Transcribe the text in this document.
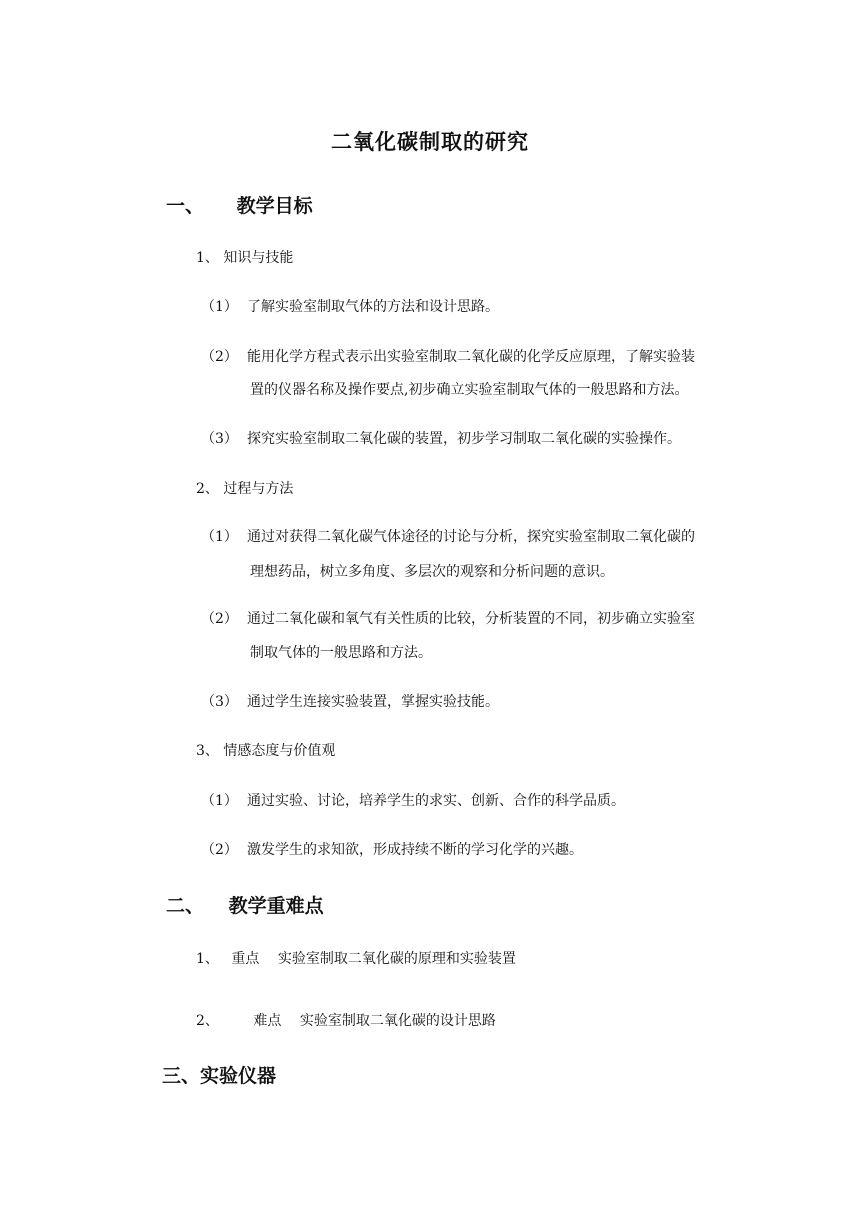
二氧化碳制取的研究
一、 教学目标
1、 知识与技能
（1） 了解实验室制取气体的方法和设计思路。
（2） 能用化学方程式表示出实验室制取二氧化碳的化学反应原理，了解实验装
置的仪器名称及操作要点,初步确立实验室制取气体的一般思路和方法。
（3） 探究实验室制取二氧化碳的装置，初步学习制取二氧化碳的实验操作。
2、 过程与方法
（1） 通过对获得二氧化碳气体途径的讨论与分析，探究实验室制取二氧化碳的
理想药品，树立多角度、多层次的观察和分析问题的意识。
（2） 通过二氧化碳和氧气有关性质的比较，分析装置的不同，初步确立实验室
制取气体的一般思路和方法。
（3） 通过学生连接实验装置，掌握实验技能。
3、 情感态度与价值观
（1） 通过实验、讨论，培养学生的求实、创新、合作的科学品质。
（2） 激发学生的求知欲，形成持续不断的学习化学的兴趣。
二、 教学重难点
1、 重点 实验室制取二氧化碳的原理和实验装置
2、 难点 实验室制取二氧化碳的设计思路
三、实验仪器
